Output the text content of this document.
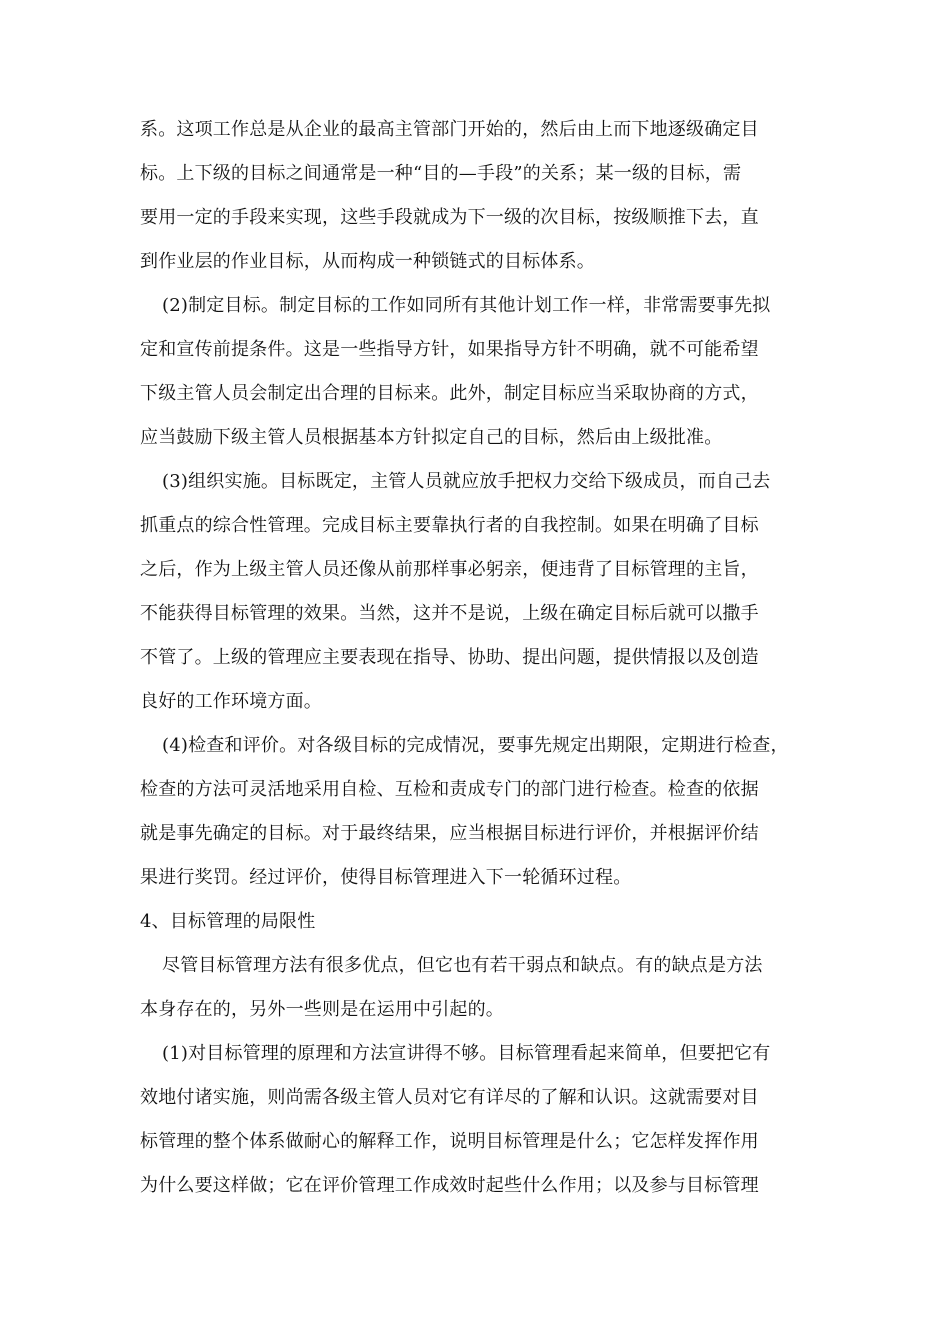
系。这项工作总是从企业的最高主管部门开始的，然后由上而下地逐级确定目
标。上下级的目标之间通常是一种“目的—手段”的关系；某一级的目标，需
要用一定的手段来实现，这些手段就成为下一级的次目标，按级顺推下去，直
到作业层的作业目标，从而构成一种锁链式的目标体系。
(2)制定目标。制定目标的工作如同所有其他计划工作一样，非常需要事先拟
定和宣传前提条件。这是一些指导方针，如果指导方针不明确，就不可能希望
下级主管人员会制定出合理的目标来。此外，制定目标应当采取协商的方式，
应当鼓励下级主管人员根据基本方针拟定自己的目标，然后由上级批准。
(3)组织实施。目标既定，主管人员就应放手把权力交给下级成员，而自己去
抓重点的综合性管理。完成目标主要靠执行者的自我控制。如果在明确了目标
之后，作为上级主管人员还像从前那样事必躬亲，便违背了目标管理的主旨，
不能获得目标管理的效果。当然，这并不是说，上级在确定目标后就可以撒手
不管了。上级的管理应主要表现在指导、协助、提出问题，提供情报以及创造
良好的工作环境方面。
(4)检查和评价。对各级目标的完成情况，要事先规定出期限，定期进行检查，
检查的方法可灵活地采用自检、互检和责成专门的部门进行检查。检查的依据
就是事先确定的目标。对于最终结果，应当根据目标进行评价，并根据评价结
果进行奖罚。经过评价，使得目标管理进入下一轮循环过程。
4、目标管理的局限性
尽管目标管理方法有很多优点，但它也有若干弱点和缺点。有的缺点是方法
本身存在的，另外一些则是在运用中引起的。
(1)对目标管理的原理和方法宣讲得不够。目标管理看起来简单，但要把它有
效地付诸实施，则尚需各级主管人员对它有详尽的了解和认识。这就需要对目
标管理的整个体系做耐心的解释工作，说明目标管理是什么；它怎样发挥作用
为什么要这样做；它在评价管理工作成效时起些什么作用；以及参与目标管理
